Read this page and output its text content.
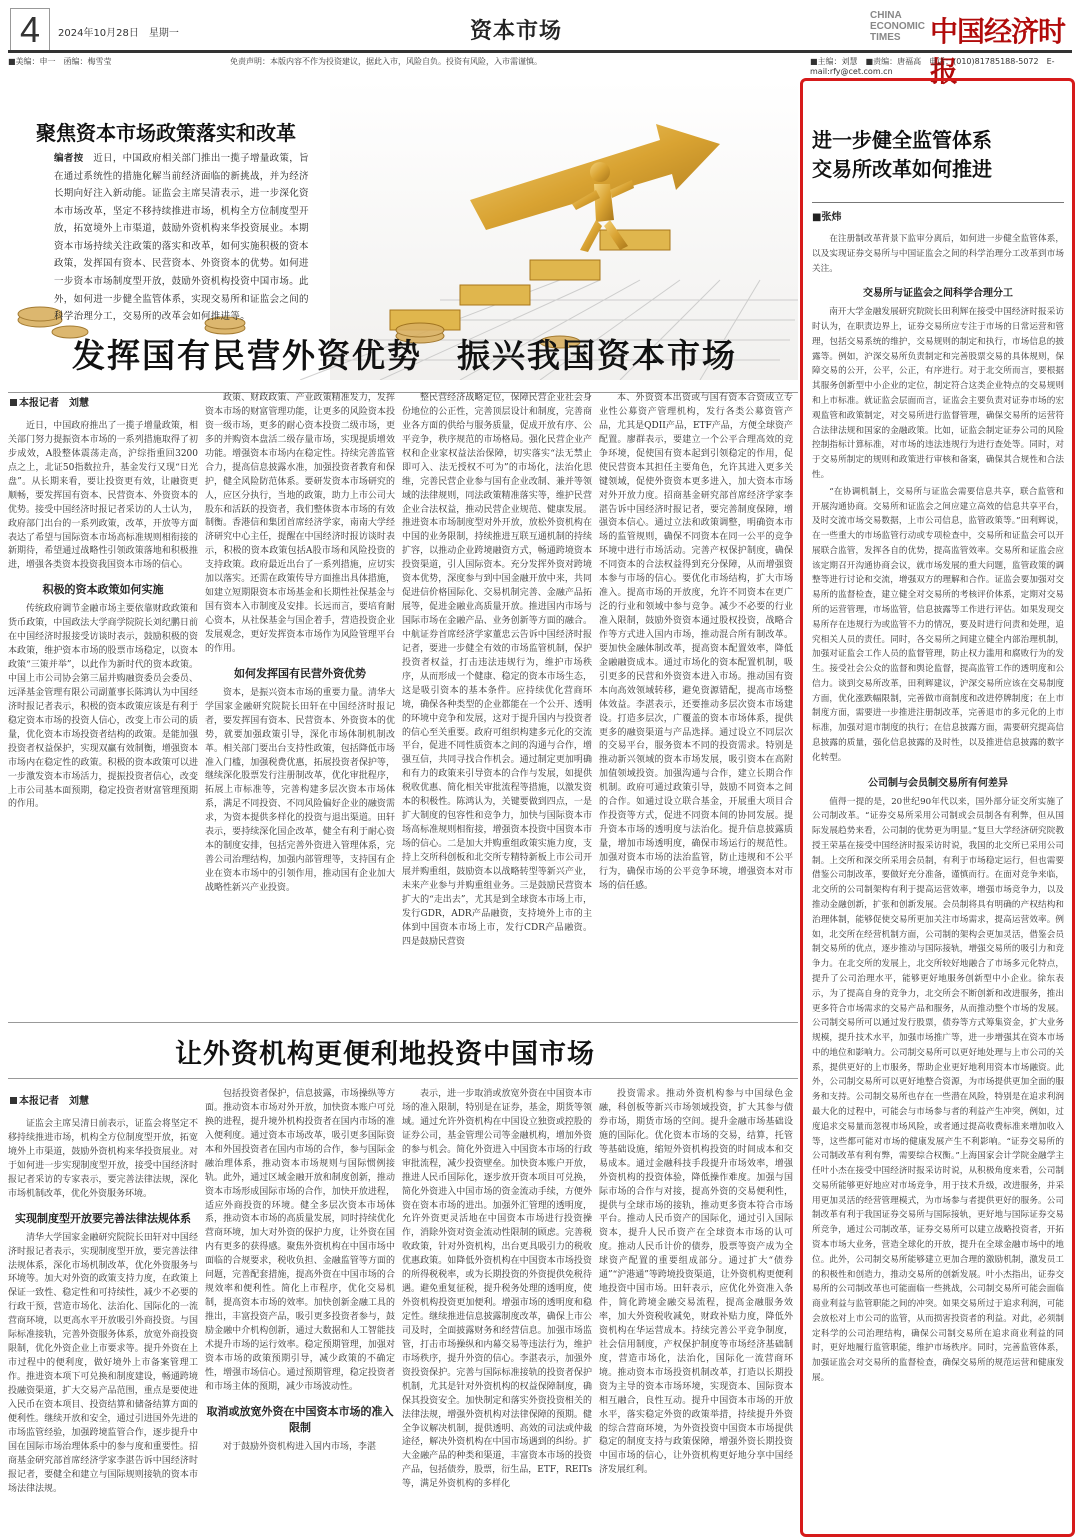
4	2024年10月28日　星期一	资本市场
CHINA
ECONOMIC
TIMES	中国经济时报
■美编：申一　函编：梅雪莹	免责声明：本版内容不作为投资建议，据此入市，风险自负。投资有风险，入市需谨慎。	■主编：刘慧　■责编：唐福高　电话：(010)81785188-5072　E-mail:rfy@cet.com.cn
聚焦资本市场政策落实和改革
编者按　 近日，中国政府相关部门推出一揽子增量政策，旨在通过系统性的措施化解当前经济面临的新挑战，并为经济长期向好注入新动能。证监会主席吴清表示，进一步深化资本市场改革，坚定不移持续推进市场，机构全方位制度型开放，拓宽境外上市渠道，鼓励外资机构来华投资展业。本期资本市场持续关注政策的落实和改革，如何实施积极的资本政策，发挥国有资本、民营资本、外资资本的优势。如何进一步资本市场制度型开放，鼓励外资机构投资中国市场。此外，如何进一步健全监管体系，实现交易所和证监会之间的科学治理分工，交易所的改革会如何推进等。
发挥国有民营外资优势　振兴我国资本市场
本报记者　 刘慧

近日，中国政府推出了一揽子增量政策，相关部门努力提振资本市场的一系列措施取得了初步成效，A股整体震荡走高，沪综指重回3200点之上，北证50指数拉升，基金发行又现“日光盘”。从长期来看，要让投资更有效，让融资更顺畅，要发挥国有资本、民营资本、外资资本的优势。接受中国经济时报记者采访的人士认为，政府部门出台的一系列政策，改革，开放等方面表达了希望与国际资本市场高标准规则相衔接的新期待，希望通过战略性引领政策落地和积极推进，增强各类资本投资我国资本市场的信心。

积极的资本政策如何实施

传统政府调节金融市场主要依靠财政政策和货币政策，中国政法大学商学院院长刘纪鹏日前在中国经济时报接受访谈时表示，鼓励积极的资本政策，维护资本市场的股票市场稳定，以资本政策“三策并举”，以此作为新时代的资本政策。中国上市公司协会第三届并购融资委员会委员、远泽基金管理有限公司副董事长陈鸿认为中国经济时报记者表示，积极的资本政策应该是有利于稳定资本市场的投资人信心，改变上市公司的质量，优化资本市场投资者结构的政策。是能加强投资者权益保护，实现双赢有效制衡，增强资本市场内在稳定性的政策。积极的资本政策可以进一步激发资本市场活力，提振投资者信心，改变上市公司基本面预期，稳定投资者财富管理预期的作用。

政策、财政政策、产业政策精准发力，发挥资本市场的财富管理功能，让更多的风险资本投资一级市场，更多的耐心资本投资二级市场，更多的并购资本盘活二级存量市场，实现提质增效功能。增强资本市场内在稳定性。持续完善监管合力，提高信息披露水准，加强投资者教育和保护，健全风险防范体系。要研发资本市场研究的人，应区分执行，当地的政策，助力上市公司大股东和活跃的投资者，我们整体资本市场的有效制衡。香港信和集团首席经济学家，南南大学经济研究中心主任，提醒在中国经济时报访谈时表示，积极的资本政策包括A股市场和风险投资的支持政策。政府最近出台了一系列措施，应切实加以落实。还需在政策传导方面推出具体措施，如建立短期限资本市场基金和长期性社保基金与国有资本入市制度及安排。长远而言，要培育耐心资本，从社保基金与国企着手，营造投资企业发展观念，更好发挥资本市场作为风险管理平台的作用。

如何发挥国有民营外资优势

资本，是振兴资本市场的重要力量。清华大学国家金融研究院院长田轩在中国经济时报记者，要发挥国有资本、民营资本、外资资本的优势，就要加强政策引导，深化市场体制机制改革。相关部门要出台支持性政策，包括降低市场准入门槛，加强税费优惠，拓展投资者保护等，继续深化股票发行注册制改革，优化审批程序，拓展上市标准等，完善构建多层次资本市场体系，满足不同投资、不同风险偏好企业的融资需求，为资本提供多样化的投资与退出渠道。田轩表示，要持续深化国企改革，健全有利于耐心资本的制度安排，包括完善外资进入管理体系，完善公司治理结构，加强内部管理等，支持国有企业在资本市场中的引领作用，推动国有企业加大战略性新兴产业投资。

整民营经济战略定位，保障民营企业社会身份地位的公正性，完善顶层设计和制度，完善商业各方面的供给与服务质量，促成开放有序、公平竞争，秩序规范的市场格局。强化民营企业产权和企业家权益法治保障，切实落实“法无禁止即可入、法无授权不可为”的市场化，法治化思维，完善民营企业参与国有企业改制、兼并等领域的法律规则，同法政策精准落实等，维护民营企业合法权益，推动民营企业规范、健康发展。推进资本市场制度型对外开放，放松外资机构在中国的业务限制，持续推进互联互通机制的持续扩容，以推动企业跨境融资方式，畅通跨境资本投资渠道，引人国际资本。充分发挥外资对跨境资本优势，深度参与到中国金融开放中来，共同促进信价格国际化、交易机制完善、金融产品拓展等，促进金融业高质量开放。推进国内市场与国际市场在金融产品、业务创新等方面的融合。中航证券首席经济学家董忠云告诉中国经济时报记者，要进一步健全有效的市场监管机制，保护投资者权益，打击违法违规行为，维护市场秩序，从而形成一个健康、稳定的资本市场生态，这是吸引资本的基本条件。应持续优化营商环境，确保各种类型的企业都能在一个公开、透明的环境中竞争和发展，这对于提升国内与投资者的信心至关重要。政府可组织构建多元化的交流平台，促进不同性质资本之间的沟通与合作，增强互信，共同寻找合作机会。通过制定更加明确和有力的政策来引导资本的合作与发展，如提供税收优惠、简化相关审批流程等措施，以激发资本的积极性。陈鸿认为，关键要做到四点，一是扩大制度的包容性和竞争力，加快与国际资本市场高标准规则相衔接，增强资本投资中国资本市场的信心。二是加大并购重组政策实施力度，支持上交所科创板和北交所专精特新板上市公司开展并购重组，鼓励资本以战略转型等新兴产业，未来产业参与并购重组业务。三是鼓励民营资本扩大的“走出去”，尤其是到全球资本市场上市，发行GDR，ADR产品融资，支持境外上市的主体到中国资本市场上市，发行CDR产品融资。四是鼓励民营资

本、外资资本出资或与国有资本合资成立专业性公募资产管理机构，发行各类公募资管产品，尤其是QDII产品，ETF产品，方便全球资产配置。廖群表示，要建立一个公平合理高效的竞争环境，促使国有资本起到引领稳定的作用，促使民营资本其担任主要角色，允许其进入更多关键领域，促使外资资本更多进入，加大资本市场对外开放力度。招商基金研究部首席经济学家李湛告诉中国经济时报记者，要完善制度保障，增强资本信心。通过立法和政策调整，明确资本市场的监管规则，确保不同资本在同一公平的竞争环境中进行市场活动。完善产权保护制度，确保不同资本的合法权益得到充分保障，从而增强资本参与市场的信心。要优化市场结构，扩大市场准入。提高市场的开放度，允许不同资本在更广泛的行业和领域中参与竞争。减少不必要的行业准入限制，鼓励外资资本通过股权投资，战略合作等方式进入国内市场，推动混合所有制改革。要加快金融体制改革，提高资本配置效率，降低金融融资成本。通过市场化的资本配置机制，吸引更多的民营和外资资本进入市场。推动国有资本向高效领域转移，避免资源错配，提高市场整体效益。李湛表示，还要推动多层次资本市场建设。打造多层次，广覆盖的资本市场体系，提供更多的融资渠道与产品选择。通过设立不同层次的交易平台，服务资本不同的投资需求。特别是推动新兴领域的资本市场发展，吸引资本在高附加值领域投资。加强沟通与合作，建立长期合作机制。政府可通过政策引导，鼓励不同资本之间的合作。如通过设立联合基金，开展重大项目合作投资等方式，促进不同资本间的协同发展。提升资本市场的透明度与法治化。提升信息披露质量，增加市场透明度，确保市场运行的规范性。加强对资本市场的法治监管，防止违规和不公平行为，确保市场的公平竞争环境，增强资本对市场的信任感。

让外资机构更便利地投资中国市场
本报记者　 刘慧

证监会主席吴清日前表示，证监会将坚定不移持续推进市场，机构全方位制度型开放，拓宽境外上市渠道，鼓励外资机构来华投资展业。对于如何进一步实现制度型开放，接受中国经济时报记者采访的专家表示，要完善法律法规，深化市场机制改革，优化外资服务环境。

实现制度型开放要完善法律法规体系

清华大学国家金融研究院院长田轩对中国经济时报记者表示，实现制度型开放，要完善法律法规体系，深化市场机制改革，优化外资服务与环境等。加大对外资的政策支持力度，在政策上保证一致性、稳定性和可持续性，减少不必要的行政干预，营造市场化、法治化、国际化的一流营商环境，以更高水平开放吸引外商投资。与国际标准接轨，完善外资服务体系，放宽外商投资限制，优化外资企业上市要求等。提升外资在上市过程中的便利度，做好境外上市备案管理工作。推进资本项下可兑换和制度建设，畅通跨境投融资渠道，扩大交易产品范围，重点是要使进入民币在资本项目、投资结算和储备结算方面的便利性。继续开放和安全，通过引进国外先进的市场监管经验，加强跨境监管合作，逐步提升中国在国际市场治理体系中的参与度和重要性。招商基金研究部首席经济学家李湛告诉中国经济时报记者，要健全和建立与国际规则接轨的资本市场法律法规。

包括投资者保护，信息披露，市场操纵等方面。推动资本市场对外开放，加快资本账户可兑换的进程，提升境外机构投资者在国内市场的准入便利度。通过资本市场改革，吸引更多国际资本和外国投资者在国内市场的合作，参与国际金融治理体系，推动资本市场规则与国际惯例接轨。此外，通过区域金融开放和制度创新，推动资本市场形成国际市场的合作，加快开放进程，适应外商投资的环境。健全多层次资本市场体系，推动资本市场的高质量发展，同时持续优化营商环境，加大对外资的保护力度，让外资在国内有更多的获得感。聚焦外资机构在中国市场中面临的合规要求，税收负担、金融监管等方面的问题，完善配套措施，提高外资在中国市场的合规效率和便利性。简化上市程序，优化交易机制，提高资本市场的效率。加快创新金融工具的推出，丰富投资产品，吸引更多投资者参与，鼓励金融中介机构创新，通过大数据和人工智能技术提升市场的运行效率。稳定预期管理，加强对资本市场的政策预期引导，减少政策的不确定性，增强市场信心。通过预期管理，稳定投资者和市场主体的预期，减少市场波动性。

取消或放宽外资在中国资本市场的准入限制

对于鼓励外资机构进入国内市场，李湛

表示，进一步取消或放宽外资在中国资本市场的准入限制，特别是在证券，基金，期货等领域。通过允许外资机构在中国设立独资或控股的证券公司，基金管理公司等金融机构，增加外资的参与机会。简化外资进入中国资本市场的行政审批流程，减少投资壁垒。加快资本账户开放，推进人民币国际化，逐步放开资本项目可兑换，简化外资进入中国市场的资金流动手续，方便外资在资本市场的进出。加强外汇管理的透明度，允许外资更灵活地在中国资本市场进行投资操作，消除外资对资金流动性限制的顾虑。完善税收政策，针对外资机构，出台更具吸引力的税收优惠政策。如降低外资机构在中国资本市场投资的所得税税率，或为长期投资的外资提供免税待遇。避免重复征税，提升税务处理的透明度，使外资机构投资更加便利。增强市场的透明度和稳定性。继续推进信息披露制度改革，确保上市公司及时，全面披露财务和经营信息。加强市场监管，打击市场操纵和内幕交易等违法行为，维护市场秩序，提升外资的信心。李湛表示，加强外资投资保护。完善与国际标准接轨的投资者保护机制，尤其是针对外资机构的权益保障制度，确保其投资安全。加快制定和落实外资投资相关的法律法规，增强外资机构对法律保障的预期。健全争议解决机制，提供透明、高效的司法或仲裁途径，解决外资机构在中国市场遇到的纠纷。扩大金融产品的种类和渠道，丰富资本市场的投资产品，包括债券，股票，衍生品，ETF，REITs等，满足外资机构的多样化

投资需求。推动外资机构参与中国绿色金融，科创板等新兴市场领域投资，扩大其参与债券市场，期货市场的空间。提升金融市场基础设施的国际化。优化资本市场的交易，结算，托管等基础设施，缩短外资机构投资的时间成本和交易成本。通过金融科技手段提升市场效率，增强外资机构的投资体验，降低操作难度。加强与国际市场的合作与对接，提高外资的交易便利性，提供与全球市场的接轨，推动更多资本符合市场平台。推动人民币资产的国际化，通过引入国际资本，提升人民币资产在全球资本市场的认可度。推动人民币计价的债券，股票等资产成为全球资产配置的重要组成部分。通过扩大“债券通”“沪港通”等跨境投资渠道，让外资机构更便利地投资中国市场。田轩表示，应优化外资准入条件，简化跨境金融交易流程，提高金融服务效率，加大外资税收减免，财政补贴力度，降低外资机构在华运营成本。持续完善公平竞争制度，社会信用制度，产权保护制度等市场经济基础制度，营造市场化，法治化，国际化一流营商环境。推动资本市场投资机制改革，打造以长期投资为主导的资本市场环境，实现资本、国际资本相互融合，良性互动。提升中国资本市场的开放水平，落实稳定外资的政策举措，持续提升外资的综合营商环境，为外资投资中国资本市场提供稳定的制度支持与政策保障，增强外资长期投资中国市场的信心，让外资机构更好地分享中国经济发展红利。

进一步健全监管体系
交易所改革如何推进
■张炜

在注册制改革背景下监审分离后，如何进一步健全监管体系，以及实现证券交易所与中国证监会之间的科学治理分工改革到市场关注。

交易所与证监会之间科学合理分工

南开大学金融发展研究院院长田利辉在接受中国经济时报采访时认为，在职责边界上，证券交易所应专注于市场的日常运营和管理，包括交易系统的维护，交易规则的制定和执行，市场信息的披露等。例如，沪深交易所负责制定和完善股票交易的具体规则，保障交易的公开，公平，公正，有序进行。对于北交所而言，要根据其服务创新型中小企业的定位，制定符合这类企业特点的交易规则和上市标准。就证监会层面而言，证监会主要负责对证券市场的宏观监管和政策制定，对交易所进行监督管理，确保交易所的运营符合法律法规和国家的金融政策。比如，证监会制定证券公司的风险控制指标计算标准，对市场的违法违规行为进行查处等。同时，对于交易所制定的规则和政策进行审核和备案，确保其合规性和合法性。

“在协调机制上，交易所与证监会需要信息共享，联合监管和开展沟通协商。交易所和证监会之间应建立高效的信息共享平台，及时交流市场交易数据，上市公司信息，监管政策等。”田利辉说，在一些重大的市场监管行动或专项检查中，交易所和证监会可以开展联合监管，发挥各自的优势，提高监管效率。交易所和证监会应该定期召开沟通协商会议，就市场发展的重大问题，监管政策的调整等进行讨论和交流，增强双方的理解和合作。证监会要加强对交易所的监督检查，建立健全对交易所的考核评价体系，定期对交易所的运营管理，市场监管，信息披露等工作进行评估。如果发现交易所存在违规行为或监管不力的情况，要及时进行问责和处理，追究相关人员的责任。同时，各交易所之间建立健全内部治理机制，加强对证监会工作人员的监督管理，防止权力滥用和腐败行为的发生。接受社会公众的监督和舆论监督，提高监管工作的透明度和公信力。谈到交易所改革，田利辉建议，沪深交易所应该在交易制度方面，优化涨跌幅限制，完善做市商制度和改进停牌制度；在上市制度方面，需要进一步推进注册制改革，完善退市的多元化的上市标准，加强对退市制度的执行；在信息披露方面，需要研究提高信息披露的质量，强化信息披露的及时性，以及推进信息披露的数字化转型。

公司制与会员制交易所有何差异

值得一提的是，20世纪90年代以来，国外部分证交所实施了公司制改革。“证券交易所采用公司制或会员制各有利弊，但从国际发展趋势来看，公司制的优势更为明显。”复旦大学经济研究院教授王荣基在接受中国经济时报采访时说，我国的北交所已采用公司制。上交所和深交所采用会员制，有利于市场稳定运行，但也需要借鉴公司制改革，要做好充分准备，谨慎而行。在面对竞争来临，北交所的公司制架构有利于提高运营效率，增强市场竞争力，以及推动金融创新，扩张和创新发展。会员制将具有明确的产权结构和治理体制，能够促使交易所更加关注市场需求，提高运营效率。例如，北交所在经营机制方面，公司制的架构会更加灵活，借鉴会员制交易所的优点，逐步推动与国际接轨，增强交易所的吸引力和竞争力。在北交所的发展上，北交所较好地融合了市场多元化特点，提升了公司治理水平，能够更好地服务创新型中小企业。徐东表示，为了提高自身的竞争力，北交所会不断创新和改进服务，推出更多符合市场需求的交易产品和服务，从而推动整个市场的发展。公司制交易所可以通过发行股票，债券等方式筹集资金，扩大业务规模，提升技术水平，加强市场推广等，进一步增强其在资本市场中的地位和影响力。公司制交易所可以更好地处理与上市公司的关系，提供更好的上市服务，帮助企业更好地利用资本市场融资。此外，公司制交易所可以更好地整合资源，为市场提供更加全面的服务和支持。公司制交易所也存在一些潜在风险，特别是在追求利润最大化的过程中，可能会与市场参与者的利益产生冲突，例如，过度追求交易量而忽视市场风险，或者通过提高收费标准来增加收入等，这些都可能对市场的健康发展产生不利影响。“证券交易所的公司制改革有利有弊，需要综合权衡。”上海国家会计学院金融学主任叶小杰在接受中国经济时报采访时说，从积极角度来看，公司制交易所能够更好地应对市场竞争，用于技术升级，改进服务，并采用更加灵活的经营管理模式，为市场参与者提供更好的服务。公司制改革有利于我国证券交易所与国际接轨，更好地与国际证券交易所竞争，通过公司制改革，证券交易所可以建立战略投资者，开拓资本市场大业务，营造全球化的开放，提升在全球金融市场中的地位。此外，公司制交易所能够建立更加合理的激励机制，激发员工的积极性和创造力，推动交易所的创新发展。叶小杰指出，证券交易所的公司制改革也可能面临一些挑战，公司制交易所可能会面临商业利益与监管职能之间的冲突。如果交易所过于追求利润，可能会放松对上市公司的监管，从而损害投资者的利益。对此，必须制定科学的公司治理结构，确保公司制交易所在追求商业利益的同时，更好地履行监管职能，维护市场秩序。同时，完善监管体系，加强证监会对交易所的监督检查，确保交易所的规范运营和健康发展。
